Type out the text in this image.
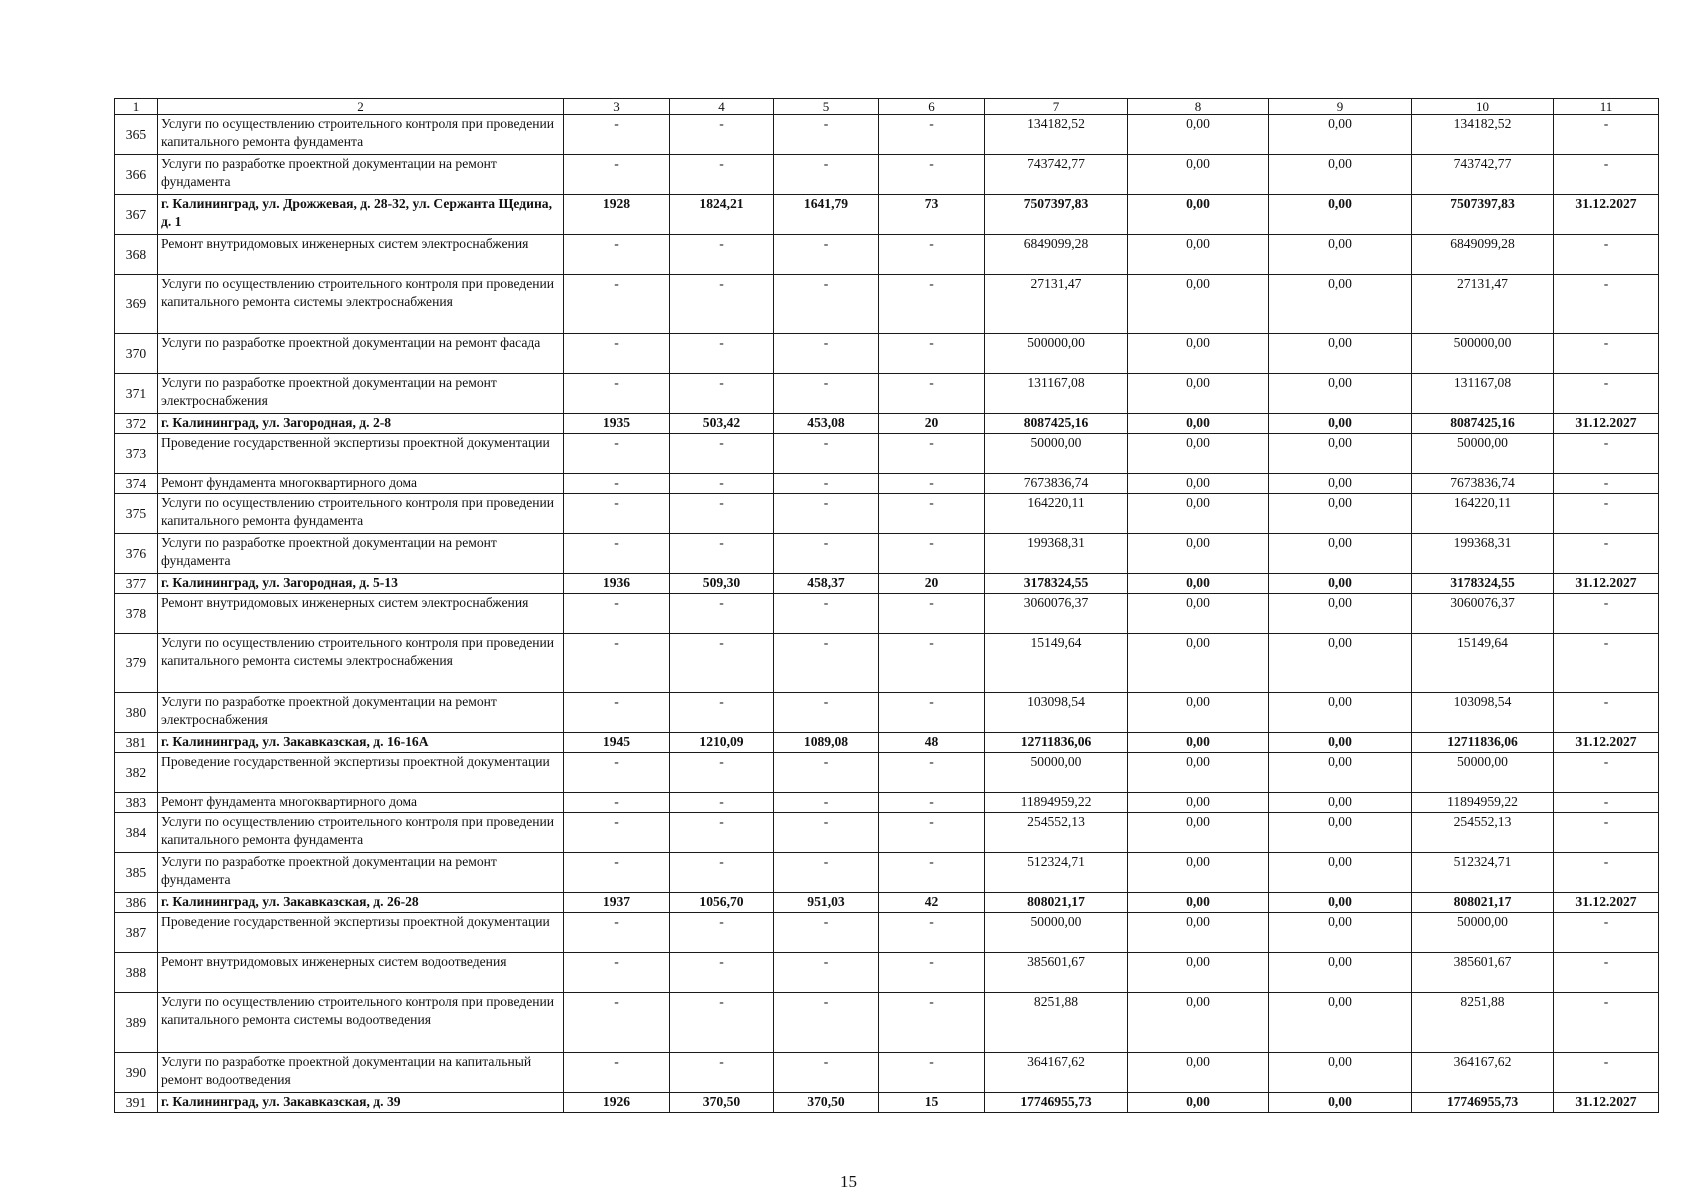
1	2	3	4	5	6	7	8	9	10	11
365	Услуги по осуществлению строительного контроля при проведении капитального ремонта фундамента	-	-	-	-	134182,52	0,00	0,00	134182,52	-
366	Услуги по разработке проектной документации на ремонт фундамента	-	-	-	-	743742,77	0,00	0,00	743742,77	-
367	г. Калининград, ул. Дрожжевая, д. 28-32, ул. Сержанта Щедина, д. 1	1928	1824,21	1641,79	73	7507397,83	0,00	0,00	7507397,83	31.12.2027
368	Ремонт внутридомовых инженерных систем электроснабжения	-	-	-	-	6849099,28	0,00	0,00	6849099,28	-
369	Услуги по осуществлению строительного контроля при проведении капитального ремонта системы электроснабжения	-	-	-	-	27131,47	0,00	0,00	27131,47	-
370	Услуги по разработке проектной документации на ремонт фасада	-	-	-	-	500000,00	0,00	0,00	500000,00	-
371	Услуги по разработке проектной документации на ремонт электроснабжения	-	-	-	-	131167,08	0,00	0,00	131167,08	-
372	г. Калининград, ул. Загородная, д. 2-8	1935	503,42	453,08	20	8087425,16	0,00	0,00	8087425,16	31.12.2027
373	Проведение государственной экспертизы проектной документации	-	-	-	-	50000,00	0,00	0,00	50000,00	-
374	Ремонт фундамента многоквартирного дома	-	-	-	-	7673836,74	0,00	0,00	7673836,74	-
375	Услуги по осуществлению строительного контроля при проведении капитального ремонта фундамента	-	-	-	-	164220,11	0,00	0,00	164220,11	-
376	Услуги по разработке проектной документации на ремонт фундамента	-	-	-	-	199368,31	0,00	0,00	199368,31	-
377	г. Калининград, ул. Загородная, д. 5-13	1936	509,30	458,37	20	3178324,55	0,00	0,00	3178324,55	31.12.2027
378	Ремонт внутридомовых инженерных систем электроснабжения	-	-	-	-	3060076,37	0,00	0,00	3060076,37	-
379	Услуги по осуществлению строительного контроля при проведении капитального ремонта системы электроснабжения	-	-	-	-	15149,64	0,00	0,00	15149,64	-
380	Услуги по разработке проектной документации на ремонт электроснабжения	-	-	-	-	103098,54	0,00	0,00	103098,54	-
381	г. Калининград, ул. Закавказская, д. 16-16А	1945	1210,09	1089,08	48	12711836,06	0,00	0,00	12711836,06	31.12.2027
382	Проведение государственной экспертизы проектной документации	-	-	-	-	50000,00	0,00	0,00	50000,00	-
383	Ремонт фундамента многоквартирного дома	-	-	-	-	11894959,22	0,00	0,00	11894959,22	-
384	Услуги по осуществлению строительного контроля при проведении капитального ремонта фундамента	-	-	-	-	254552,13	0,00	0,00	254552,13	-
385	Услуги по разработке проектной документации на ремонт фундамента	-	-	-	-	512324,71	0,00	0,00	512324,71	-
386	г. Калининград, ул. Закавказская, д. 26-28	1937	1056,70	951,03	42	808021,17	0,00	0,00	808021,17	31.12.2027
387	Проведение государственной экспертизы проектной документации	-	-	-	-	50000,00	0,00	0,00	50000,00	-
388	Ремонт внутридомовых инженерных систем водоотведения	-	-	-	-	385601,67	0,00	0,00	385601,67	-
389	Услуги по осуществлению строительного контроля при проведении капитального ремонта системы водоотведения	-	-	-	-	8251,88	0,00	0,00	8251,88	-
390	Услуги по разработке проектной документации на капитальный ремонт водоотведения	-	-	-	-	364167,62	0,00	0,00	364167,62	-
391	г. Калининград, ул. Закавказская, д. 39	1926	370,50	370,50	15	17746955,73	0,00	0,00	17746955,73	31.12.2027
15
